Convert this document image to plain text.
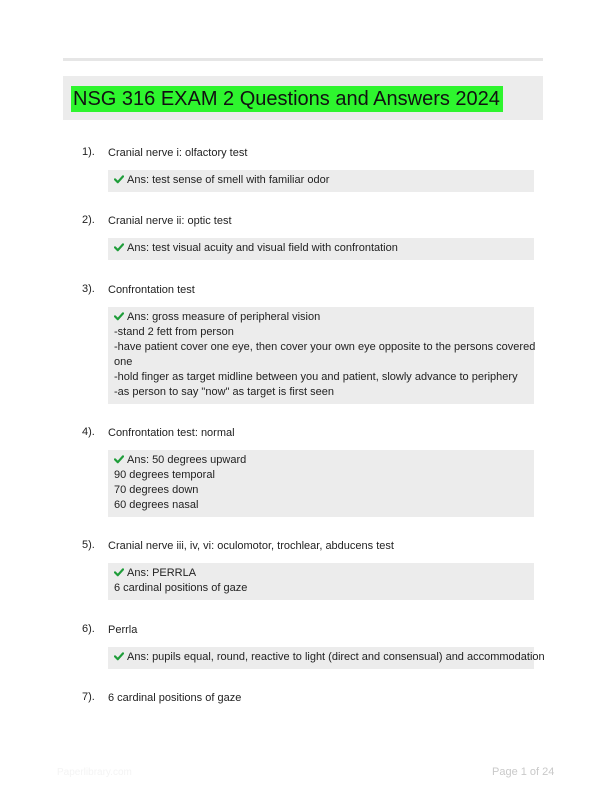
NSG 316 EXAM 2 Questions and Answers 2024
1). Cranial nerve i: olfactory test
Ans: test sense of smell with familiar odor
2). Cranial nerve ii: optic test
Ans: test visual acuity and visual field with confrontation
3). Confrontation test
Ans: gross measure of peripheral vision
-stand 2 fett from person
-have patient cover one eye, then cover your own eye opposite to the persons covered
one
-hold finger as target midline between you and patient, slowly advance to periphery
-as person to say "now" as target is first seen
4). Confrontation test: normal
Ans: 50 degrees upward
90 degrees temporal
70 degrees down
60 degrees nasal
5). Cranial nerve iii, iv, vi: oculomotor, trochlear, abducens test
Ans: PERRLA
6 cardinal positions of gaze
6). Perrla
Ans: pupils equal, round, reactive to light (direct and consensual) and accommodation
7). 6 cardinal positions of gaze
Paperlibrary.com	Page 1 of 24
